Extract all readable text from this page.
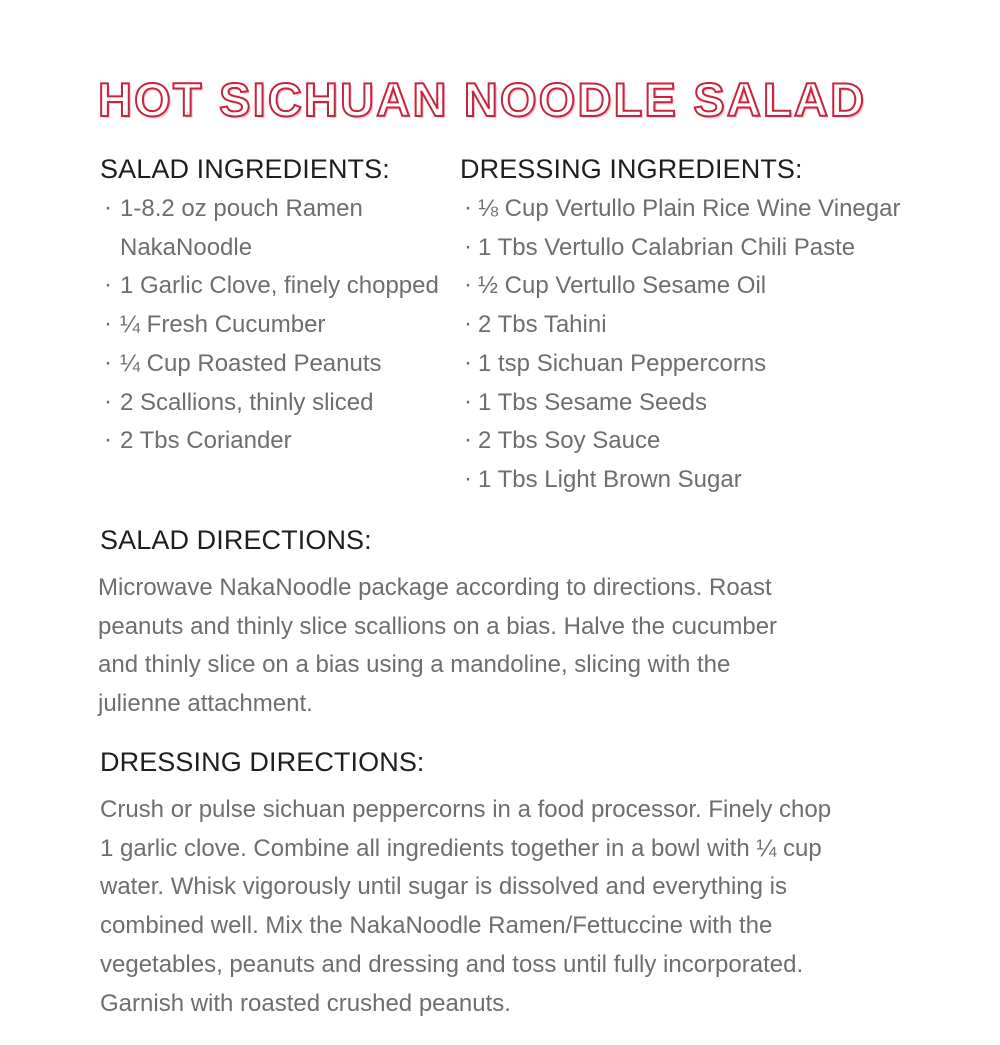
HOT SICHUAN NOODLE SALAD
SALAD INGREDIENTS:
· 1-8.2 oz pouch Ramen
NakaNoodle
· 1 Garlic Clove, finely chopped
· ¼ Fresh Cucumber
· ¼ Cup Roasted Peanuts
· 2 Scallions, thinly sliced
· 2 Tbs Coriander
DRESSING INGREDIENTS:
· ⅛ Cup Vertullo Plain Rice Wine Vinegar
· 1 Tbs Vertullo Calabrian Chili Paste
· ½ Cup Vertullo Sesame Oil
· 2 Tbs Tahini
· 1 tsp Sichuan Peppercorns
· 1 Tbs Sesame Seeds
· 2 Tbs Soy Sauce
· 1 Tbs Light Brown Sugar
SALAD DIRECTIONS:

Microwave NakaNoodle package according to directions. Roast
peanuts and thinly slice scallions on a bias. Halve the cucumber
and thinly slice on a bias using a mandoline, slicing with the
julienne attachment.

DRESSING DIRECTIONS:

Crush or pulse sichuan peppercorns in a food processor. Finely chop
1 garlic clove. Combine all ingredients together in a bowl with ¼ cup
water. Whisk vigorously until sugar is dissolved and everything is
combined well. Mix the NakaNoodle Ramen/Fettuccine with the
vegetables, peanuts and dressing and toss until fully incorporated.
Garnish with roasted crushed peanuts.
